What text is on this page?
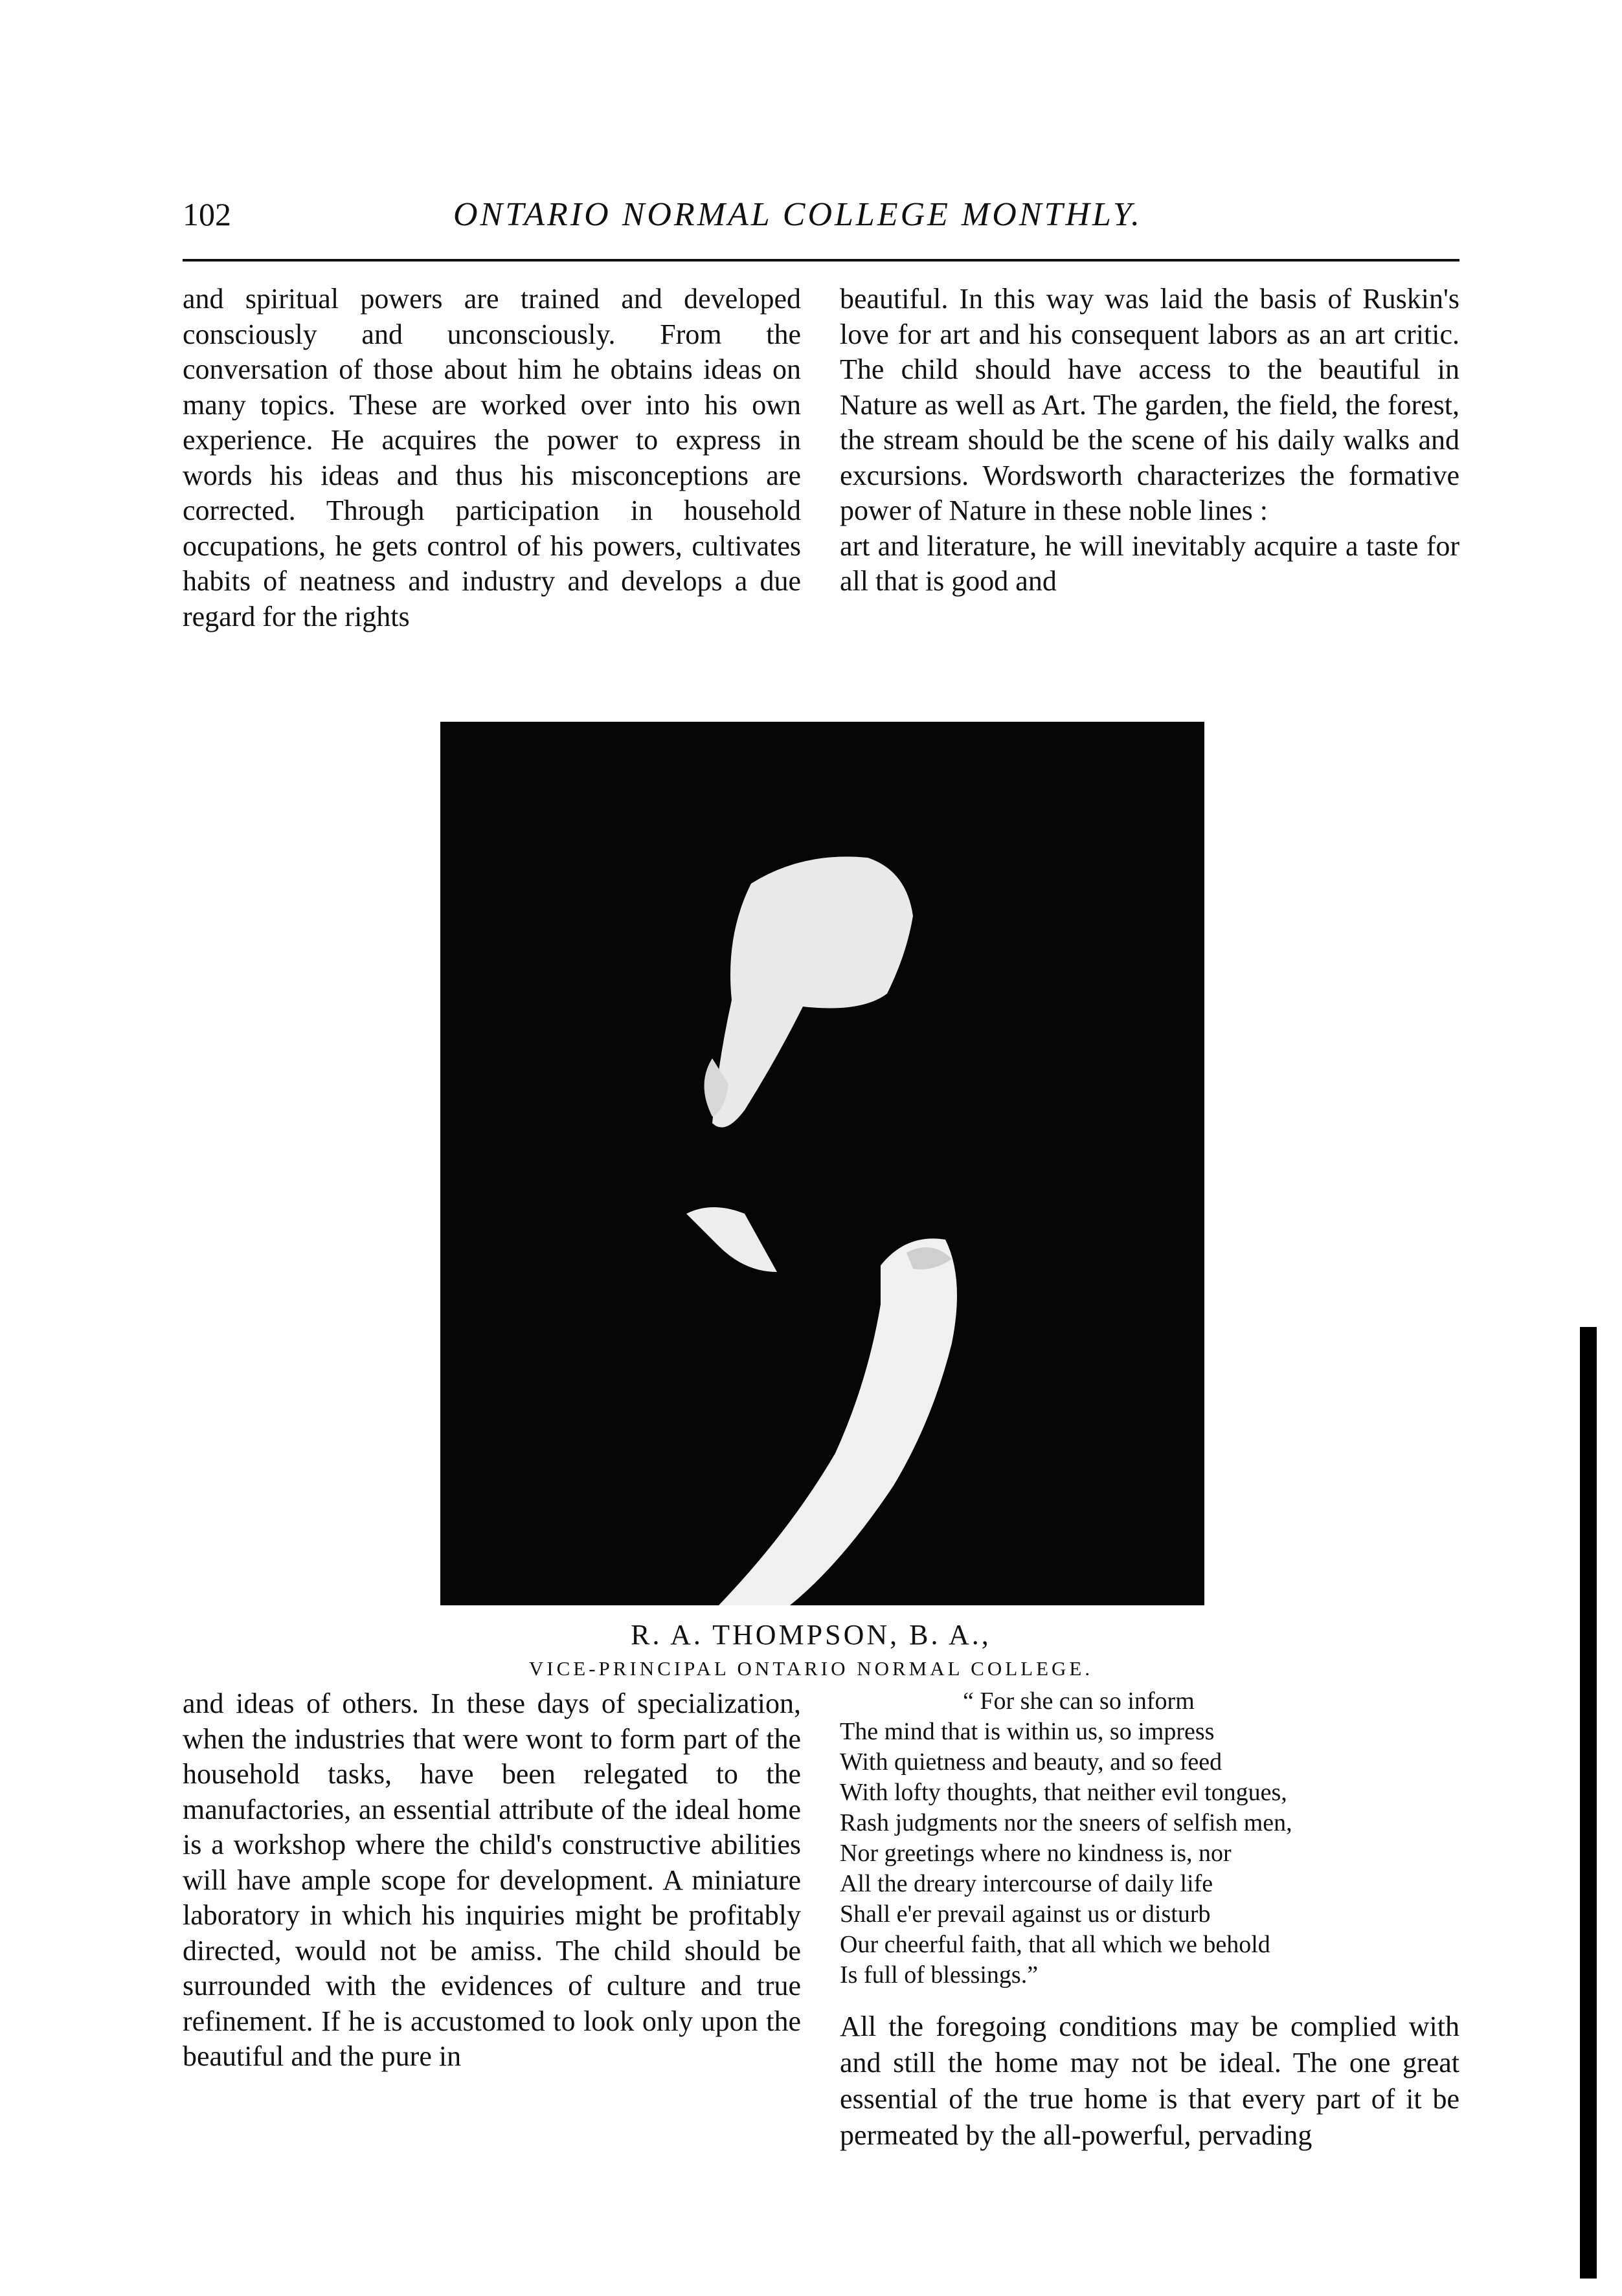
102	ONTARIO NORMAL COLLEGE MONTHLY.

and spiritual powers are trained and developed consciously and unconsciously. From the conversation of those about him he obtains ideas on many topics. These are worked over into his own experience. He acquires the power to express in words his ideas and thus his misconceptions are corrected. Through participation in household occupations, he gets control of his powers, cultivates habits of neatness and industry and develops a due regard for the rights

beautiful. In this way was laid the basis of Ruskin's love for art and his consequent labors as an art critic. The child should have access to the beautiful in Nature as well as Art. The garden, the field, the forest, the stream should be the scene of his daily walks and excursions. Wordsworth characterizes the formative power of Nature in these noble lines :

art and literature, he will inevitably acquire a taste for all that is good and

R. A. THOMPSON, B. A.,
VICE-PRINCIPAL ONTARIO NORMAL COLLEGE.

and ideas of others. In these days of specialization, when the industries that were wont to form part of the household tasks, have been relegated to the manufactories, an essential attribute of the ideal home is a workshop where the child's constructive abilities will have ample scope for development. A miniature laboratory in which his inquiries might be profitably directed, would not be amiss. The child should be surrounded with the evidences of culture and true refinement. If he is accustomed to look only upon the beautiful and the pure in

“ For she can so inform
The mind that is within us, so impress
With quietness and beauty, and so feed
With lofty thoughts, that neither evil tongues,
Rash judgments nor the sneers of selfish men,
Nor greetings where no kindness is, nor
All the dreary intercourse of daily life
Shall e'er prevail against us or disturb
Our cheerful faith, that all which we behold
Is full of blessings.”

All the foregoing conditions may be complied with and still the home may not be ideal. The one great essential of the true home is that every part of it be permeated by the all-powerful, pervading
